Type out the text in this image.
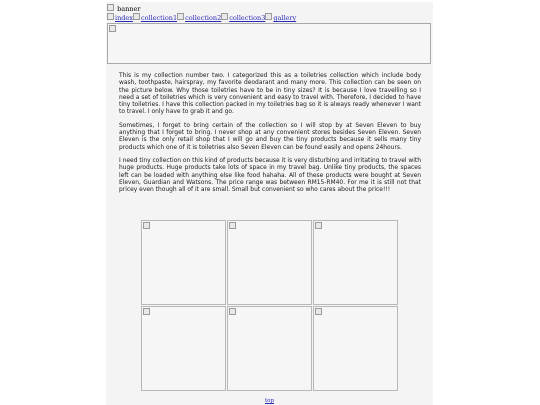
banner
index collection1 collection2 collection3 gallery

This is my collection number two. I categorized this as a toiletries collection which include body wash, toothpaste, hairspray, my favorite deodarant and many more. This collection can be seen on the picture below. Why those toiletries have to be in tiny sizes? It is because I love travelling so I need a set of toiletries which is very convenient and easy to travel with. Therefore, I decided to have tiny toiletries. I have this collection packed in my toiletries bag so it is always ready whenever I want to travel. I only have to grab it and go.

Sometimes, I forget to bring certain of the collection so I will stop by at Seven Eleven to buy anything that I forget to bring. I never shop at any convenient stores besides Seven Eleven. Seven Eleven is the only retail shop that I will go and buy the tiny products because it sells many tiny products which one of it is toiletries also Seven Eleven can be found easily and opens 24hours.

I need tiny collection on this kind of products because it is very disturbing and irritating to travel with huge products. Huge products take lots of space in my travel bag. Unlike tiny products, the spaces left can be loaded with anything else like food hahaha. All of these products were bought at Seven Eleven, Guardian and Watsons. The price range was between RM15-RM40. For me it is still not that pricey even though all of it are small. Small but convenient so who cares about the price!!!

top
